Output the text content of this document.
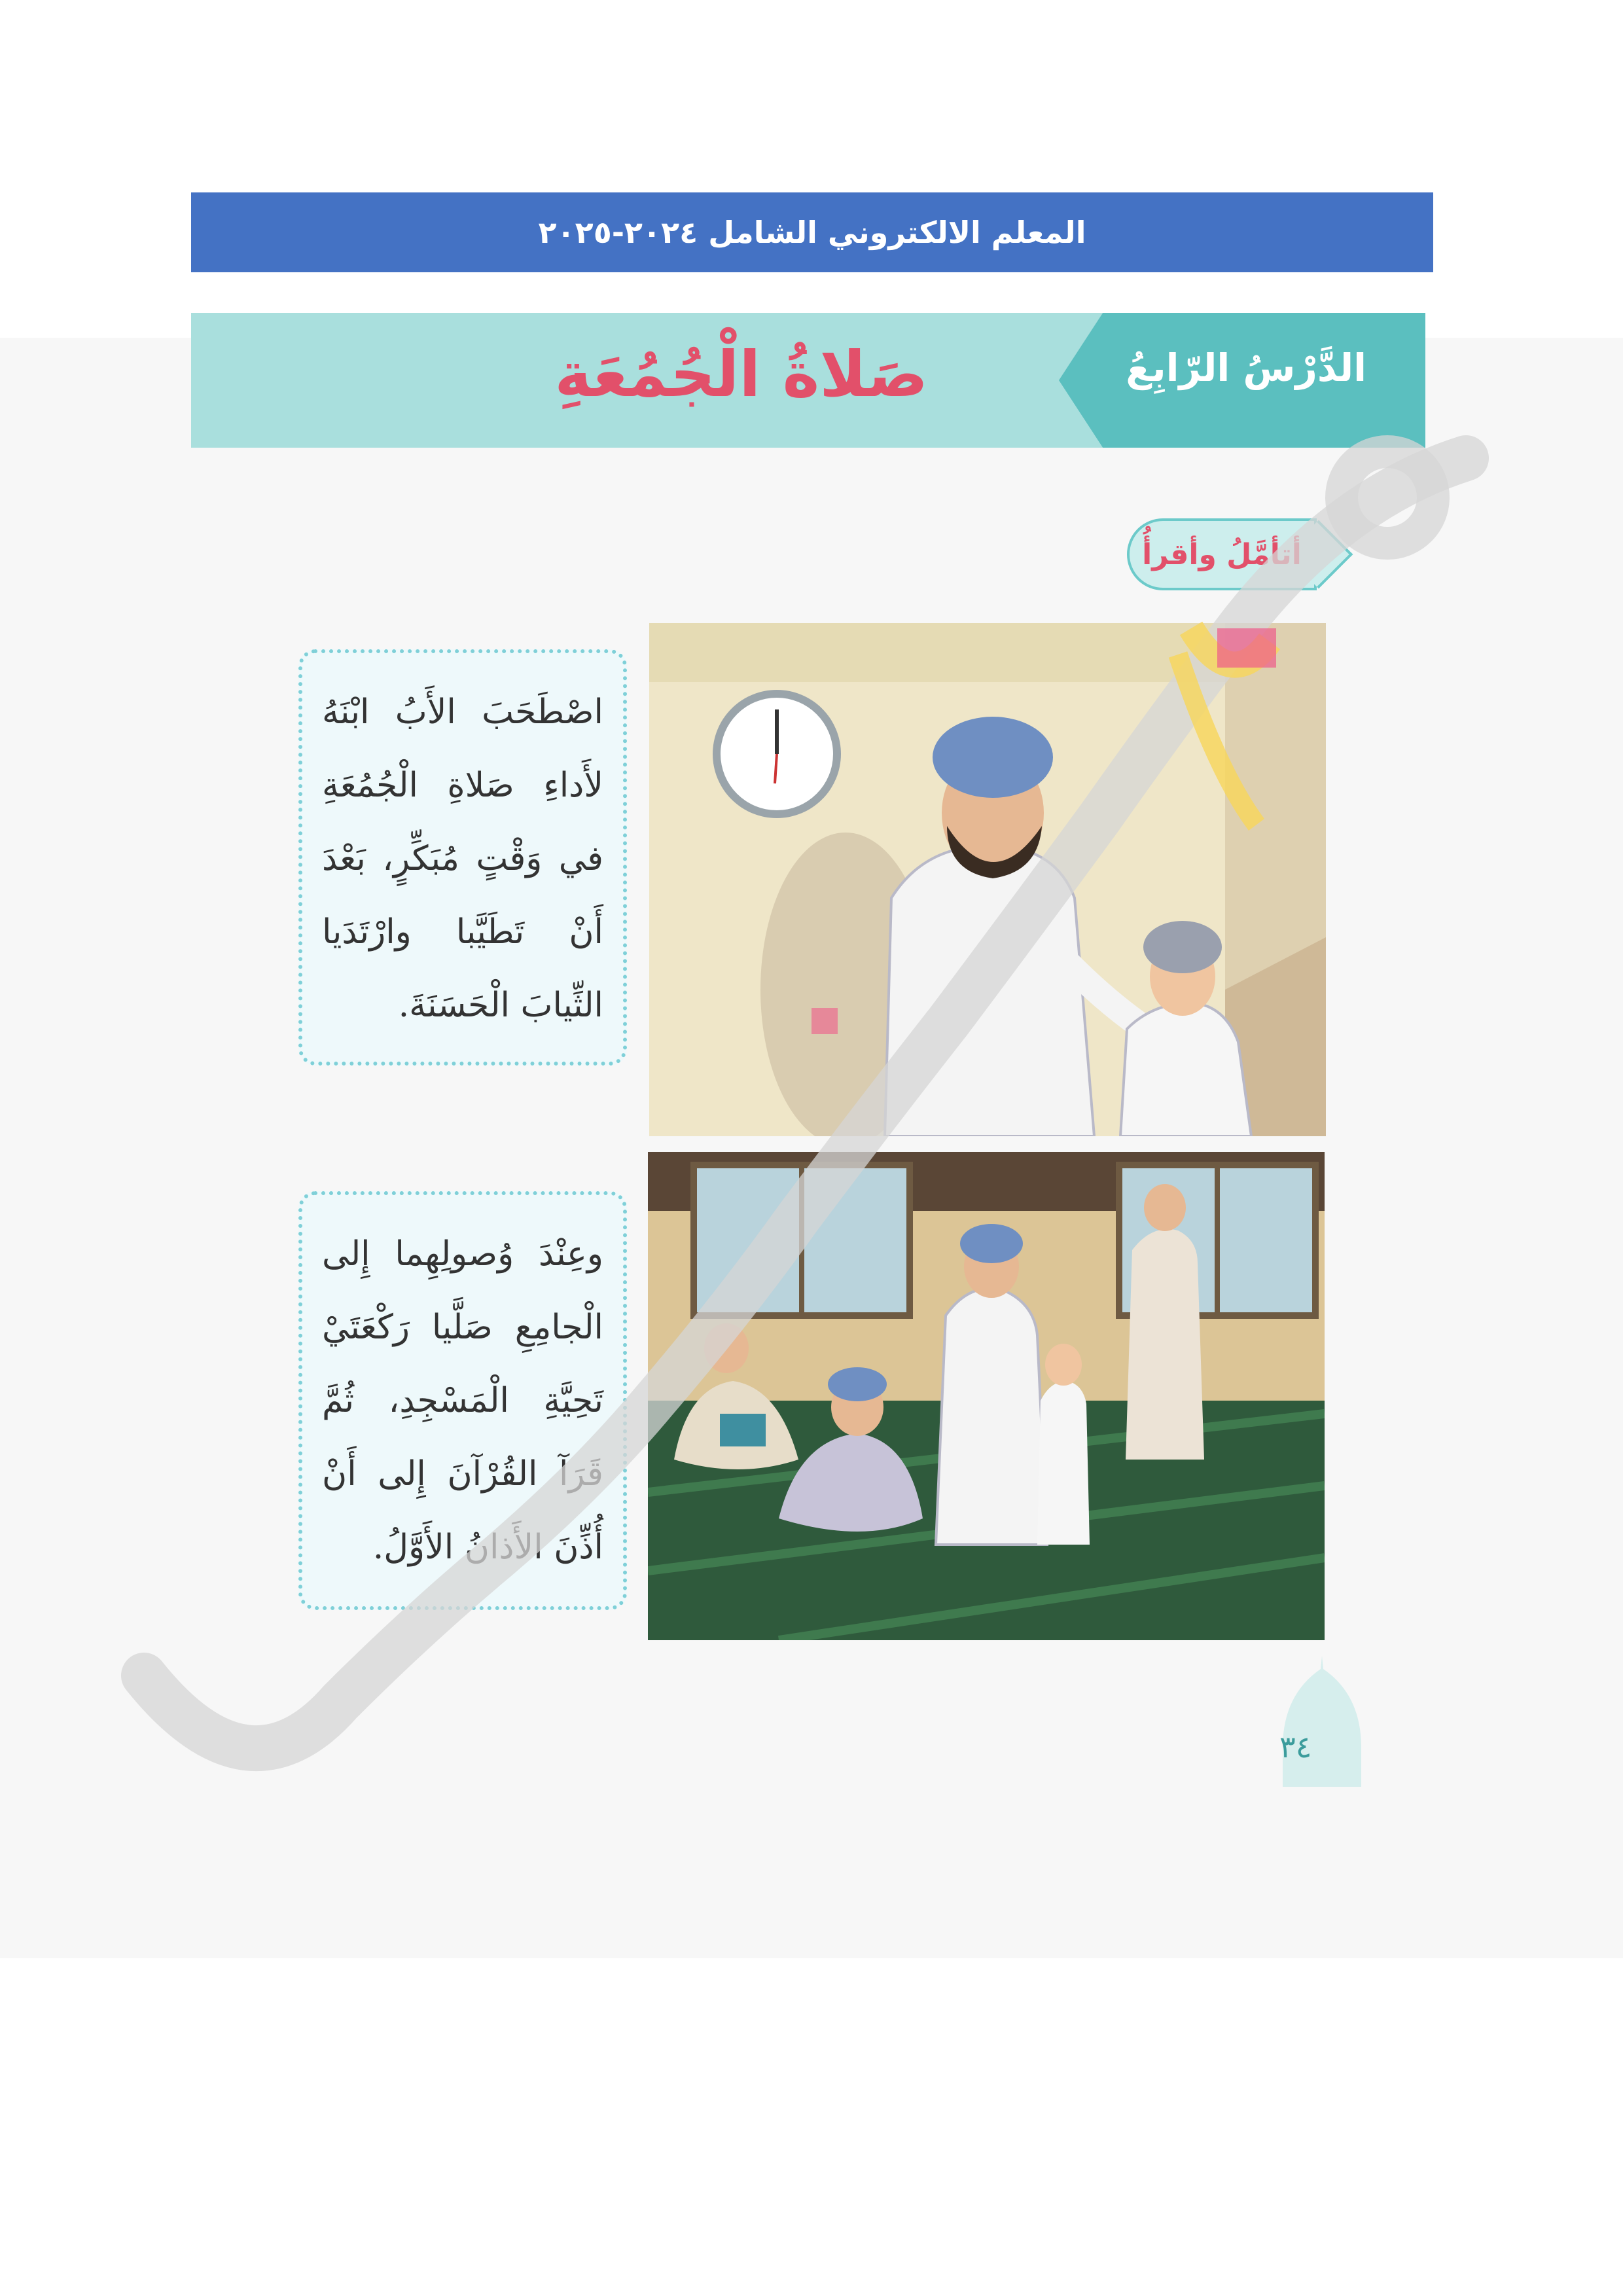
المعلم الالكتروني الشامل ٢٠٢٤-٢٠٢٥
الدَّرْسُ الرّابِعُ
صَلاةُ الْجُمُعَةِ
أتأمَّلُ وأقرأُ
اصْطَحَبَ الأَبُ ابْنَهُ لأَداءِ صَلاةِ الْجُمُعَةِ في وَقْتٍ مُبَكِّرٍ، بَعْدَ أَنْ تَطَيَّبا وارْتَدَيا الثِّيابَ الْحَسَنَةَ.
وعِنْدَ وُصولِهِما إِلى الْجامِعِ صَلَّيا رَكْعَتَيْ تَحِيَّةِ الْمَسْجِدِ، ثُمَّ قَرَآ القُرْآنَ إِلى أَنْ أُذِّنَ الأَذانُ الأَوَّلُ.
٣٤
